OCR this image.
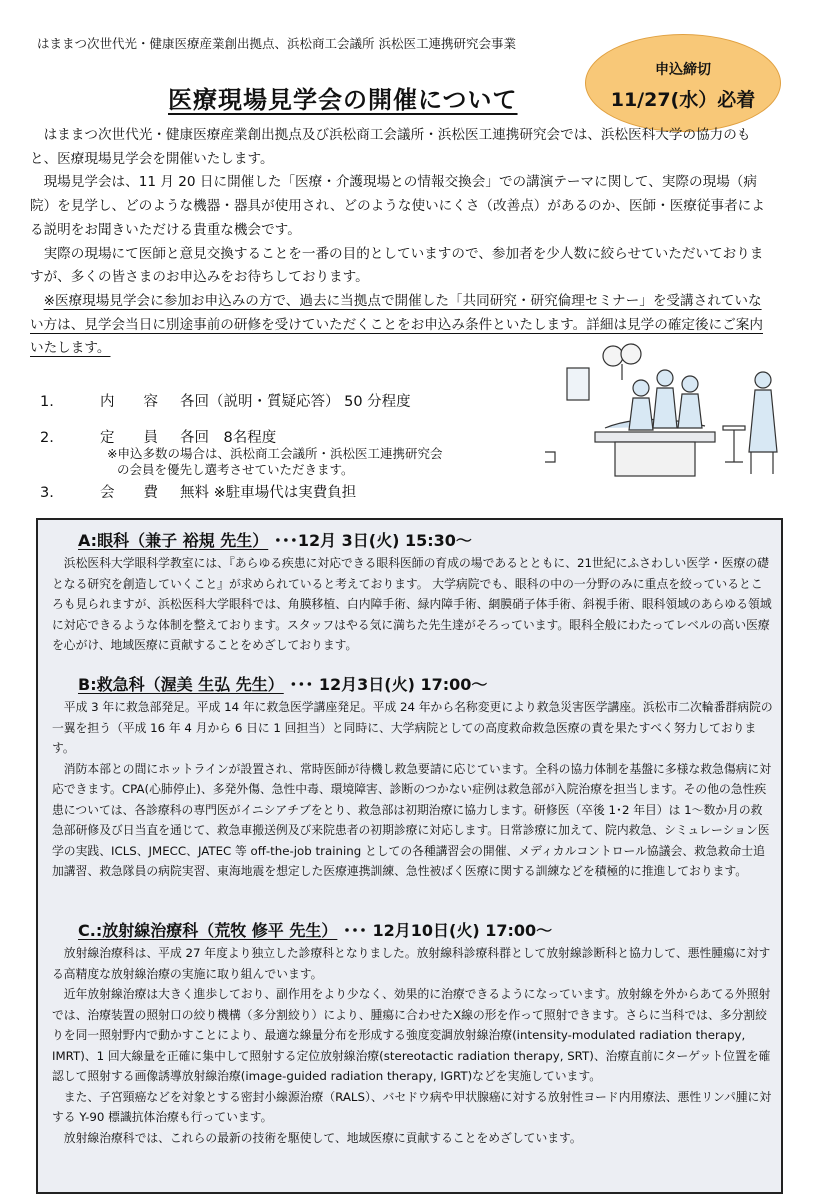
はままつ次世代光・健康医療産業創出拠点、浜松商工会議所 浜松医工連携研究会事業
申込締切
11/27(水）必着
医療現場見学会の開催について

はままつ次世代光・健康医療産業創出拠点及び浜松商工会議所・浜松医工連携研究会では、浜松医科大学の協力のもと、医療現場見学会を開催いたします。

現場見学会は、11 月 20 日に開催した「医療・介護現場との情報交換会」での講演テーマに関して、実際の現場（病院）を見学し、どのような機器・器具が使用され、どのような使いにくさ（改善点）があるのか、医師・医療従事者による説明をお聞きいただける貴重な機会です。

実際の現場にて医師と意見交換することを一番の目的としていますので、参加者を少人数に絞らせていただいておりますが、多くの皆さまのお申込みをお待ちしております。

※医療現場見学会に参加お申込みの方で、過去に当拠点で開催した「共同研究・研究倫理セミナー」を受講されていない方は、見学会当日に別途事前の研修を受けていただくことをお申込み条件といたします。詳細は見学の確定後にご案内いたします。

1.	内　　容 各回（説明・質疑応答） 50 分程度
2.	定　　員 各回　8名程度
3.	会　　費 無料 ※駐車場代は実費負担
※申込多数の場合は、浜松商工会議所・浜松医工連携研究会
の会員を優先し選考させていただきます。
A:眼科（兼子 裕規 先生） ･･･12月 3日(火) 15:30～

浜松医科大学眼科学教室には、『あらゆる疾患に対応できる眼科医師の育成の場であるとともに、21世紀にふさわしい医学・医療の礎となる研究を創造していくこと』が求められていると考えております。 大学病院でも、眼科の中の一分野のみに重点を絞っているところも見られますが、浜松医科大学眼科では、角膜移植、白内障手術、緑内障手術、網膜硝子体手術、斜視手術、眼科領域のあらゆる領域に対応できるような体制を整えております。スタッフはやる気に満ちた先生達がそろっています。眼科全般にわたってレベルの高い医療を心がけ、地域医療に貢献することをめざしております。

B:救急科（渥美 生弘 先生） ･･･ 12月3日(火) 17:00～

平成 3 年に救急部発足。平成 14 年に救急医学講座発足。平成 24 年から名称変更により救急災害医学講座。浜松市二次輪番群病院の一翼を担う（平成 16 年 4 月から 6 日に 1 回担当）と同時に、大学病院としての高度救命救急医療の責を果たすべく努力しております。

消防本部との間にホットラインが設置され、常時医師が待機し救急要請に応じています。全科の協力体制を基盤に多様な救急傷病に対応できます。CPA(心肺停止)、多発外傷、急性中毒、環境障害、診断のつかない症例は救急部が入院治療を担当します。その他の急性疾患については、各診療科の専門医がイニシアチブをとり、救急部は初期治療に協力します。研修医（卒後 1･2 年目）は 1～数か月の救急部研修及び日当直を通じて、救急車搬送例及び来院患者の初期診療に対応します。日常診療に加えて、院内救急、シミュレーション医学の実践、ICLS、JMECC、JATEC 等 off-the-job training としての各種講習会の開催、メディカルコントロール協議会、救急救命士追加講習、救急隊員の病院実習、東海地震を想定した医療連携訓練、急性被ばく医療に関する訓練などを積極的に推進しております。

C.:放射線治療科（荒牧 修平 先生） ･･･ 12月10日(火) 17:00～

放射線治療科は、平成 27 年度より独立した診療科となりました。放射線科診療科群として放射線診断科と協力して、悪性腫瘍に対する高精度な放射線治療の実施に取り組んでいます。

近年放射線治療は大きく進歩しており、副作用をより少なく、効果的に治療できるようになっています。放射線を外からあてる外照射では、治療装置の照射口の絞り機構（多分割絞り）により、腫瘍に合わせたX線の形を作って照射できます。さらに当科では、多分割絞りを同一照射野内で動かすことにより、最適な線量分布を形成する強度変調放射線治療(intensity-modulated radiation therapy, IMRT)、1 回大線量を正確に集中して照射する定位放射線治療(stereotactic radiation therapy, SRT)、治療直前にターゲット位置を確認して照射する画像誘導放射線治療(image-guided radiation therapy, IGRT)などを実施しています。

また、子宮頸癌などを対象とする密封小線源治療（RALS）、バセドウ病や甲状腺癌に対する放射性ヨード内用療法、悪性リンパ腫に対する Y-90 標識抗体治療も行っています。

放射線治療科では、これらの最新の技術を駆使して、地域医療に貢献することをめざしています。
